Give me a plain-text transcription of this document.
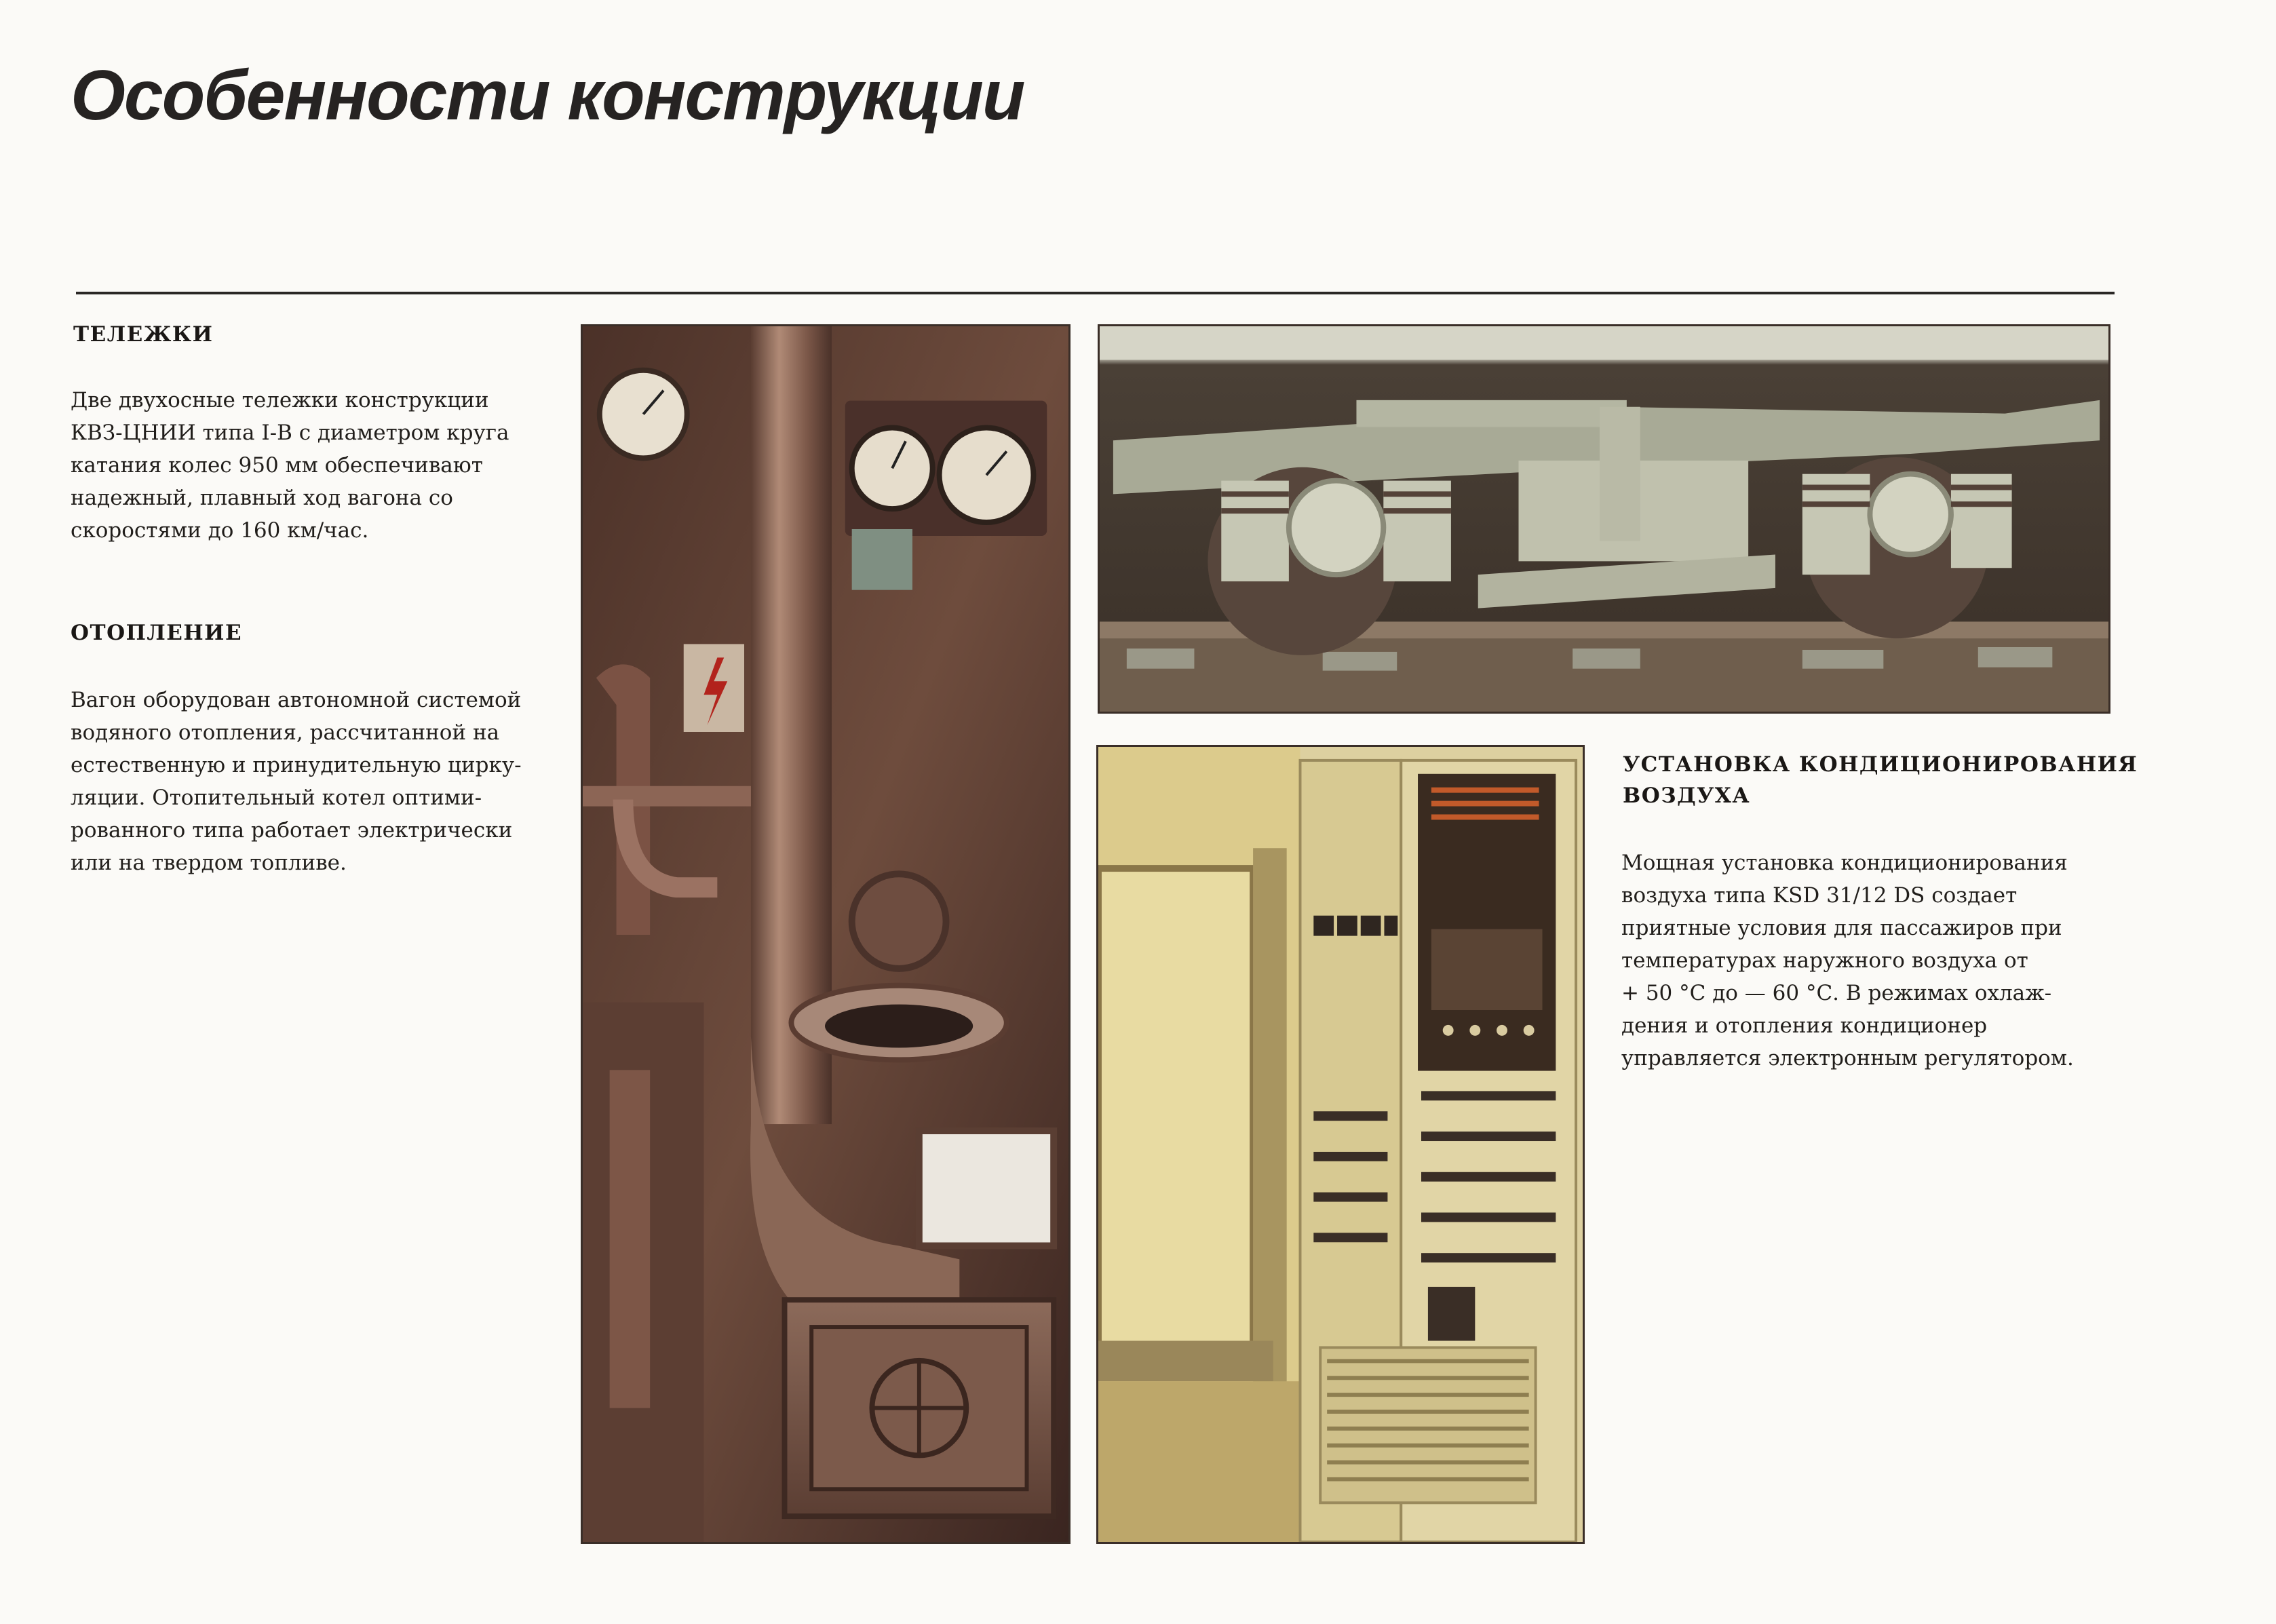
Особенности конструкции
ТЕЛЕЖКИ

Две двухосные тележки конструкции
КВЗ-ЦНИИ типа I-В с диаметром круга
катания колес 950 мм обеспечивают
надежный, плавный ход вагона со
скоростями до 160 км/час.

ОТОПЛЕНИЕ

Вагон оборудован автономной системой
водяного отопления, рассчитанной на
естественную и принудительную цирку-
ляции. Отопительный котел оптими-
рованного типа работает электрически
или на твердом топливе.

УСТАНОВКА КОНДИЦИОНИРОВАНИЯ
ВОЗДУХА

Мощная установка кондиционирования
воздуха типа KSD 31/12 DS создает
приятные условия для пассажиров при
температурах наружного воздуха от
+ 50 °С до — 60 °С. В режимах охлаж-
дения и отопления кондиционер
управляется электронным регулятором.
